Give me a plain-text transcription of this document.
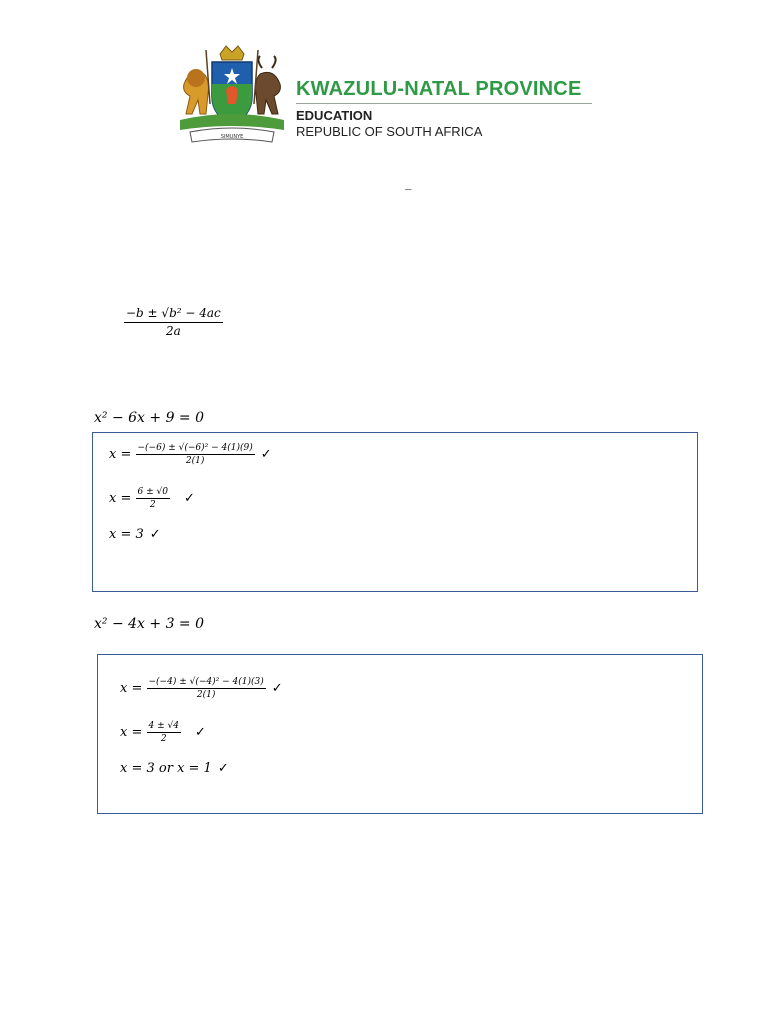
SIMUNYE
KWAZULU-NATAL PROVINCE
EDUCATION
REPUBLIC OF SOUTH AFRICA
_
$\frac{\text{−b ± √b² − 4ac}}{2a}$
x² − 6x + 9 = 0
x =
$\frac{\text{−(−6) ± √(−6)² − 4(1)(9)}}{2(1)}$ ✓
x =
$\frac{6 \pm √0}{2}$ ✓
x = 3 ✓
x² − 4x + 3 = 0
x =
$\frac{\text{−(−4) ± √(−4)² − 4(1)(3)}}{2(1)}$ ✓
x =
$\frac{4 \pm √4}{2}$ ✓
x = 3 or x = 1 ✓
